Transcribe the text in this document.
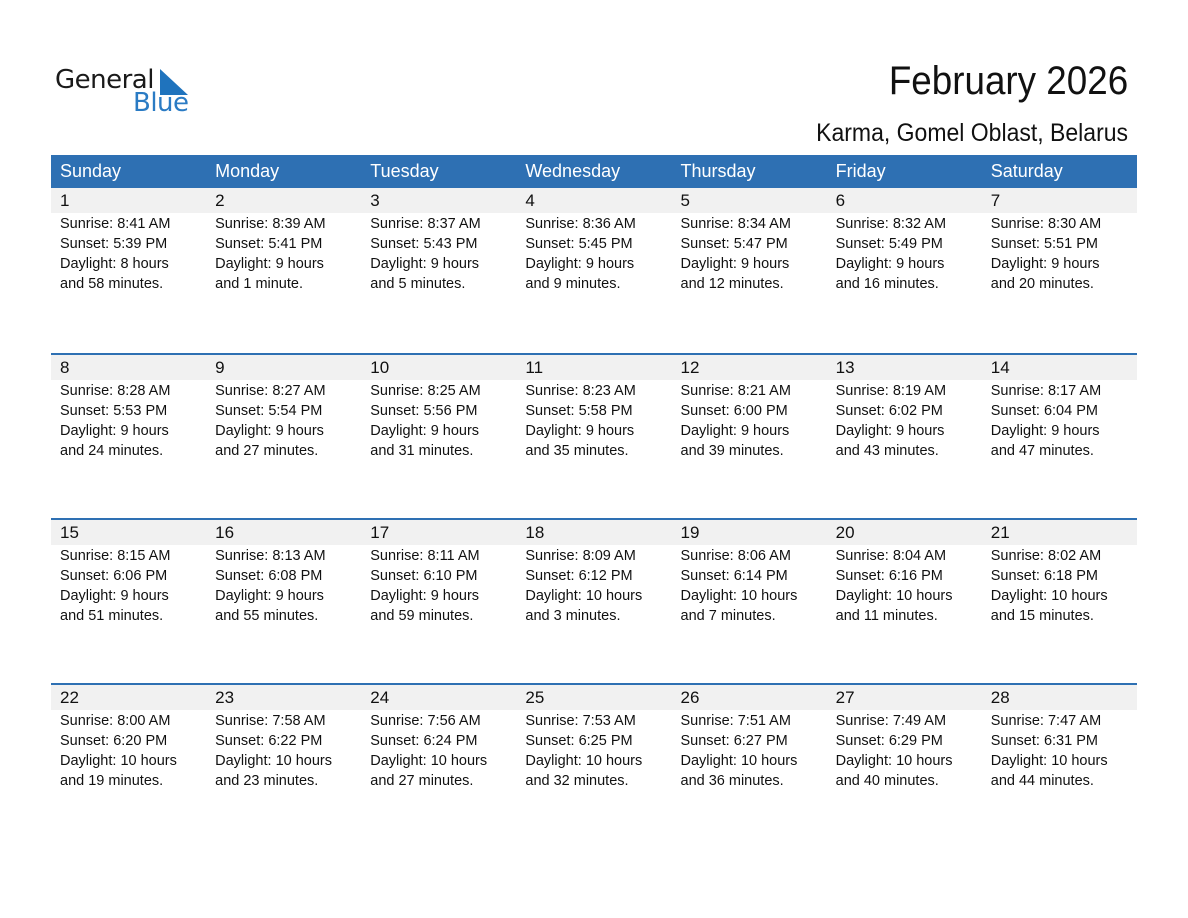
General
Blue	February 2026
Karma, Gomel Oblast, Belarus
Sunday	Monday	Tuesday	Wednesday	Thursday	Friday	Saturday
1	2	3	4	5	6	7
Sunrise: 8:41 AM
Sunset: 5:39 PM
Daylight: 8 hours
and 58 minutes.
Sunrise: 8:39 AM
Sunset: 5:41 PM
Daylight: 9 hours
and 1 minute.
Sunrise: 8:37 AM
Sunset: 5:43 PM
Daylight: 9 hours
and 5 minutes.
Sunrise: 8:36 AM
Sunset: 5:45 PM
Daylight: 9 hours
and 9 minutes.
Sunrise: 8:34 AM
Sunset: 5:47 PM
Daylight: 9 hours
and 12 minutes.
Sunrise: 8:32 AM
Sunset: 5:49 PM
Daylight: 9 hours
and 16 minutes.
Sunrise: 8:30 AM
Sunset: 5:51 PM
Daylight: 9 hours
and 20 minutes.
8	9	10	11	12	13	14
Sunrise: 8:28 AM
Sunset: 5:53 PM
Daylight: 9 hours
and 24 minutes.
Sunrise: 8:27 AM
Sunset: 5:54 PM
Daylight: 9 hours
and 27 minutes.
Sunrise: 8:25 AM
Sunset: 5:56 PM
Daylight: 9 hours
and 31 minutes.
Sunrise: 8:23 AM
Sunset: 5:58 PM
Daylight: 9 hours
and 35 minutes.
Sunrise: 8:21 AM
Sunset: 6:00 PM
Daylight: 9 hours
and 39 minutes.
Sunrise: 8:19 AM
Sunset: 6:02 PM
Daylight: 9 hours
and 43 minutes.
Sunrise: 8:17 AM
Sunset: 6:04 PM
Daylight: 9 hours
and 47 minutes.
15	16	17	18	19	20	21
Sunrise: 8:15 AM
Sunset: 6:06 PM
Daylight: 9 hours
and 51 minutes.
Sunrise: 8:13 AM
Sunset: 6:08 PM
Daylight: 9 hours
and 55 minutes.
Sunrise: 8:11 AM
Sunset: 6:10 PM
Daylight: 9 hours
and 59 minutes.
Sunrise: 8:09 AM
Sunset: 6:12 PM
Daylight: 10 hours
and 3 minutes.
Sunrise: 8:06 AM
Sunset: 6:14 PM
Daylight: 10 hours
and 7 minutes.
Sunrise: 8:04 AM
Sunset: 6:16 PM
Daylight: 10 hours
and 11 minutes.
Sunrise: 8:02 AM
Sunset: 6:18 PM
Daylight: 10 hours
and 15 minutes.
22	23	24	25	26	27	28
Sunrise: 8:00 AM
Sunset: 6:20 PM
Daylight: 10 hours
and 19 minutes.
Sunrise: 7:58 AM
Sunset: 6:22 PM
Daylight: 10 hours
and 23 minutes.
Sunrise: 7:56 AM
Sunset: 6:24 PM
Daylight: 10 hours
and 27 minutes.
Sunrise: 7:53 AM
Sunset: 6:25 PM
Daylight: 10 hours
and 32 minutes.
Sunrise: 7:51 AM
Sunset: 6:27 PM
Daylight: 10 hours
and 36 minutes.
Sunrise: 7:49 AM
Sunset: 6:29 PM
Daylight: 10 hours
and 40 minutes.
Sunrise: 7:47 AM
Sunset: 6:31 PM
Daylight: 10 hours
and 44 minutes.
